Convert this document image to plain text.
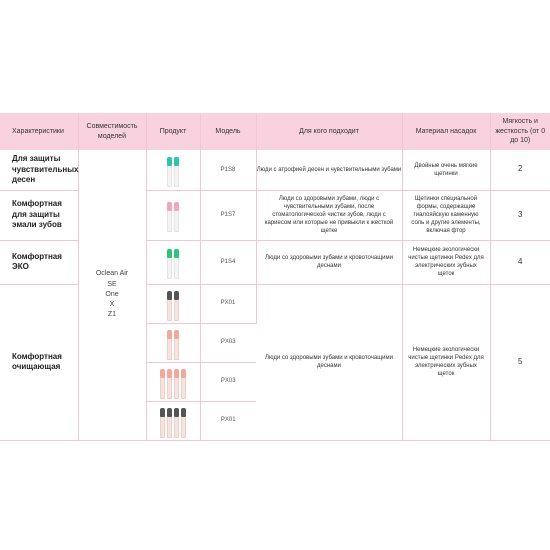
Характеристики	Совместимость моделей	Продукт	Модель	Для кого подходит	Материал насадок	Мягкость и жесткость (от 0 до 10)
Для защиты чувствительных десен	Oclean Air
SE
One
X
Z1		P1S8	Люди с атрофией десен и чувствительными зубами	Двойные очень мягкие щетинки	2
Комфортная для защиты эмали зубов			P1S7	Люди со здоровыми зубами, люди с чувствительными зубами, после стоматологической чистки зубов, люди с кариесом или которые не привыкли к жесткой щетке	Щетинки специальной формы, содержащие гиалояйскую каменную соль и другие элементы, включая фтор	3
Комфортная ЭКО			P1S4	Люди со здоровыми зубами и кровоточащими деснами	Немецкие экологически чистые щетинки Pedex для электрических зубных щеток	4
Комфортная очищающая			PX01	Люди со здоровыми зубами и кровоточащими деснами	Немецкие экологически чистые щетинки Pedex для электрических зубных щеток	5

			PX03			

			PX03			

			PX01			
